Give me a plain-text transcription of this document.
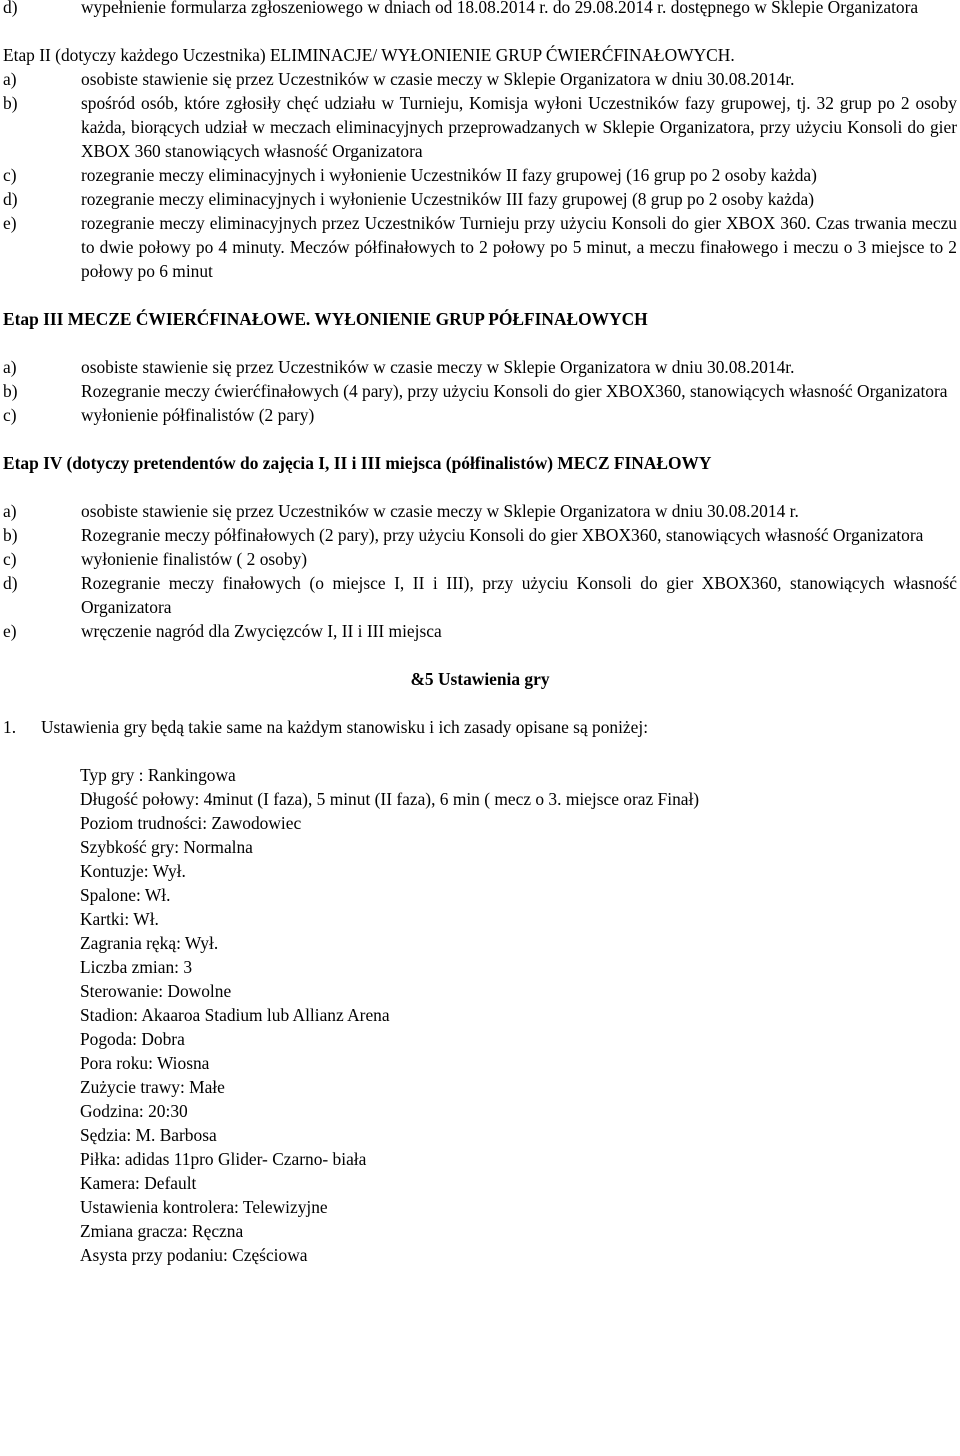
d)	wypełnienie formularza zgłoszeniowego w dniach od 18.08.2014 r. do 29.08.2014 r. dostępnego w Sklepie Organizatora
Etap II (dotyczy każdego Uczestnika) ELIMINACJE/ WYŁONIENIE GRUP ĆWIERĆFINAŁOWYCH.
a)	osobiste stawienie się przez Uczestników w czasie meczy w Sklepie Organizatora w dniu 30.08.2014r.
b)	spośród osób, które zgłosiły chęć udziału w Turnieju, Komisja wyłoni Uczestników fazy grupowej, tj. 32 grup po 2 osoby każda, biorących udział w meczach eliminacyjnych przeprowadzanych w Sklepie Organizatora, przy użyciu Konsoli do gier XBOX 360 stanowiących własność Organizatora
c)	rozegranie meczy eliminacyjnych i wyłonienie Uczestników II fazy grupowej (16 grup po 2 osoby każda)
d)	rozegranie meczy eliminacyjnych i wyłonienie Uczestników III fazy grupowej (8 grup po 2 osoby każda)
e)	rozegranie meczy eliminacyjnych przez Uczestników Turnieju przy użyciu Konsoli do gier XBOX 360. Czas trwania meczu to dwie połowy po 4 minuty. Meczów półfinałowych to 2 połowy po 5 minut, a meczu finałowego i meczu o 3 miejsce to 2 połowy po 6 minut
Etap III MECZE ĆWIERĆFINAŁOWE. WYŁONIENIE GRUP PÓŁFINAŁOWYCH
a)	osobiste stawienie się przez Uczestników w czasie meczy w Sklepie Organizatora w dniu 30.08.2014r.
b)	Rozegranie meczy ćwierćfinałowych (4 pary), przy użyciu Konsoli do gier XBOX360, stanowiących własność Organizatora
c)	wyłonienie półfinalistów (2 pary)
Etap IV (dotyczy pretendentów do zajęcia I, II i III miejsca (półfinalistów) MECZ FINAŁOWY
a)	osobiste stawienie się przez Uczestników w czasie meczy w Sklepie Organizatora w dniu 30.08.2014 r.
b)	Rozegranie meczy półfinałowych (2 pary), przy użyciu Konsoli do gier XBOX360, stanowiących własność Organizatora
c)	wyłonienie finalistów ( 2 osoby)
d)	Rozegranie meczy finałowych (o miejsce I, II i III), przy użyciu Konsoli do gier XBOX360, stanowiących własność Organizatora
e)	wręczenie nagród dla Zwycięzców I, II i III miejsca
&5 Ustawienia gry
1.	Ustawienia gry będą takie same na każdym stanowisku i ich zasady opisane są poniżej:
Typ gry : Rankingowa
Długość połowy: 4minut (I faza), 5 minut (II faza), 6 min ( mecz o 3. miejsce oraz Finał)
Poziom trudności: Zawodowiec
Szybkość gry: Normalna
Kontuzje: Wył.
Spalone: Wł.
Kartki: Wł.
Zagrania ręką: Wył.
Liczba zmian: 3
Sterowanie: Dowolne
Stadion: Akaaroa Stadium lub Allianz Arena
Pogoda: Dobra
Pora roku: Wiosna
Zużycie trawy: Małe
Godzina: 20:30
Sędzia: M. Barbosa
Piłka: adidas 11pro Glider- Czarno- biała
Kamera: Default
Ustawienia kontrolera: Telewizyjne
Zmiana gracza: Ręczna
Asysta przy podaniu: Częściowa
